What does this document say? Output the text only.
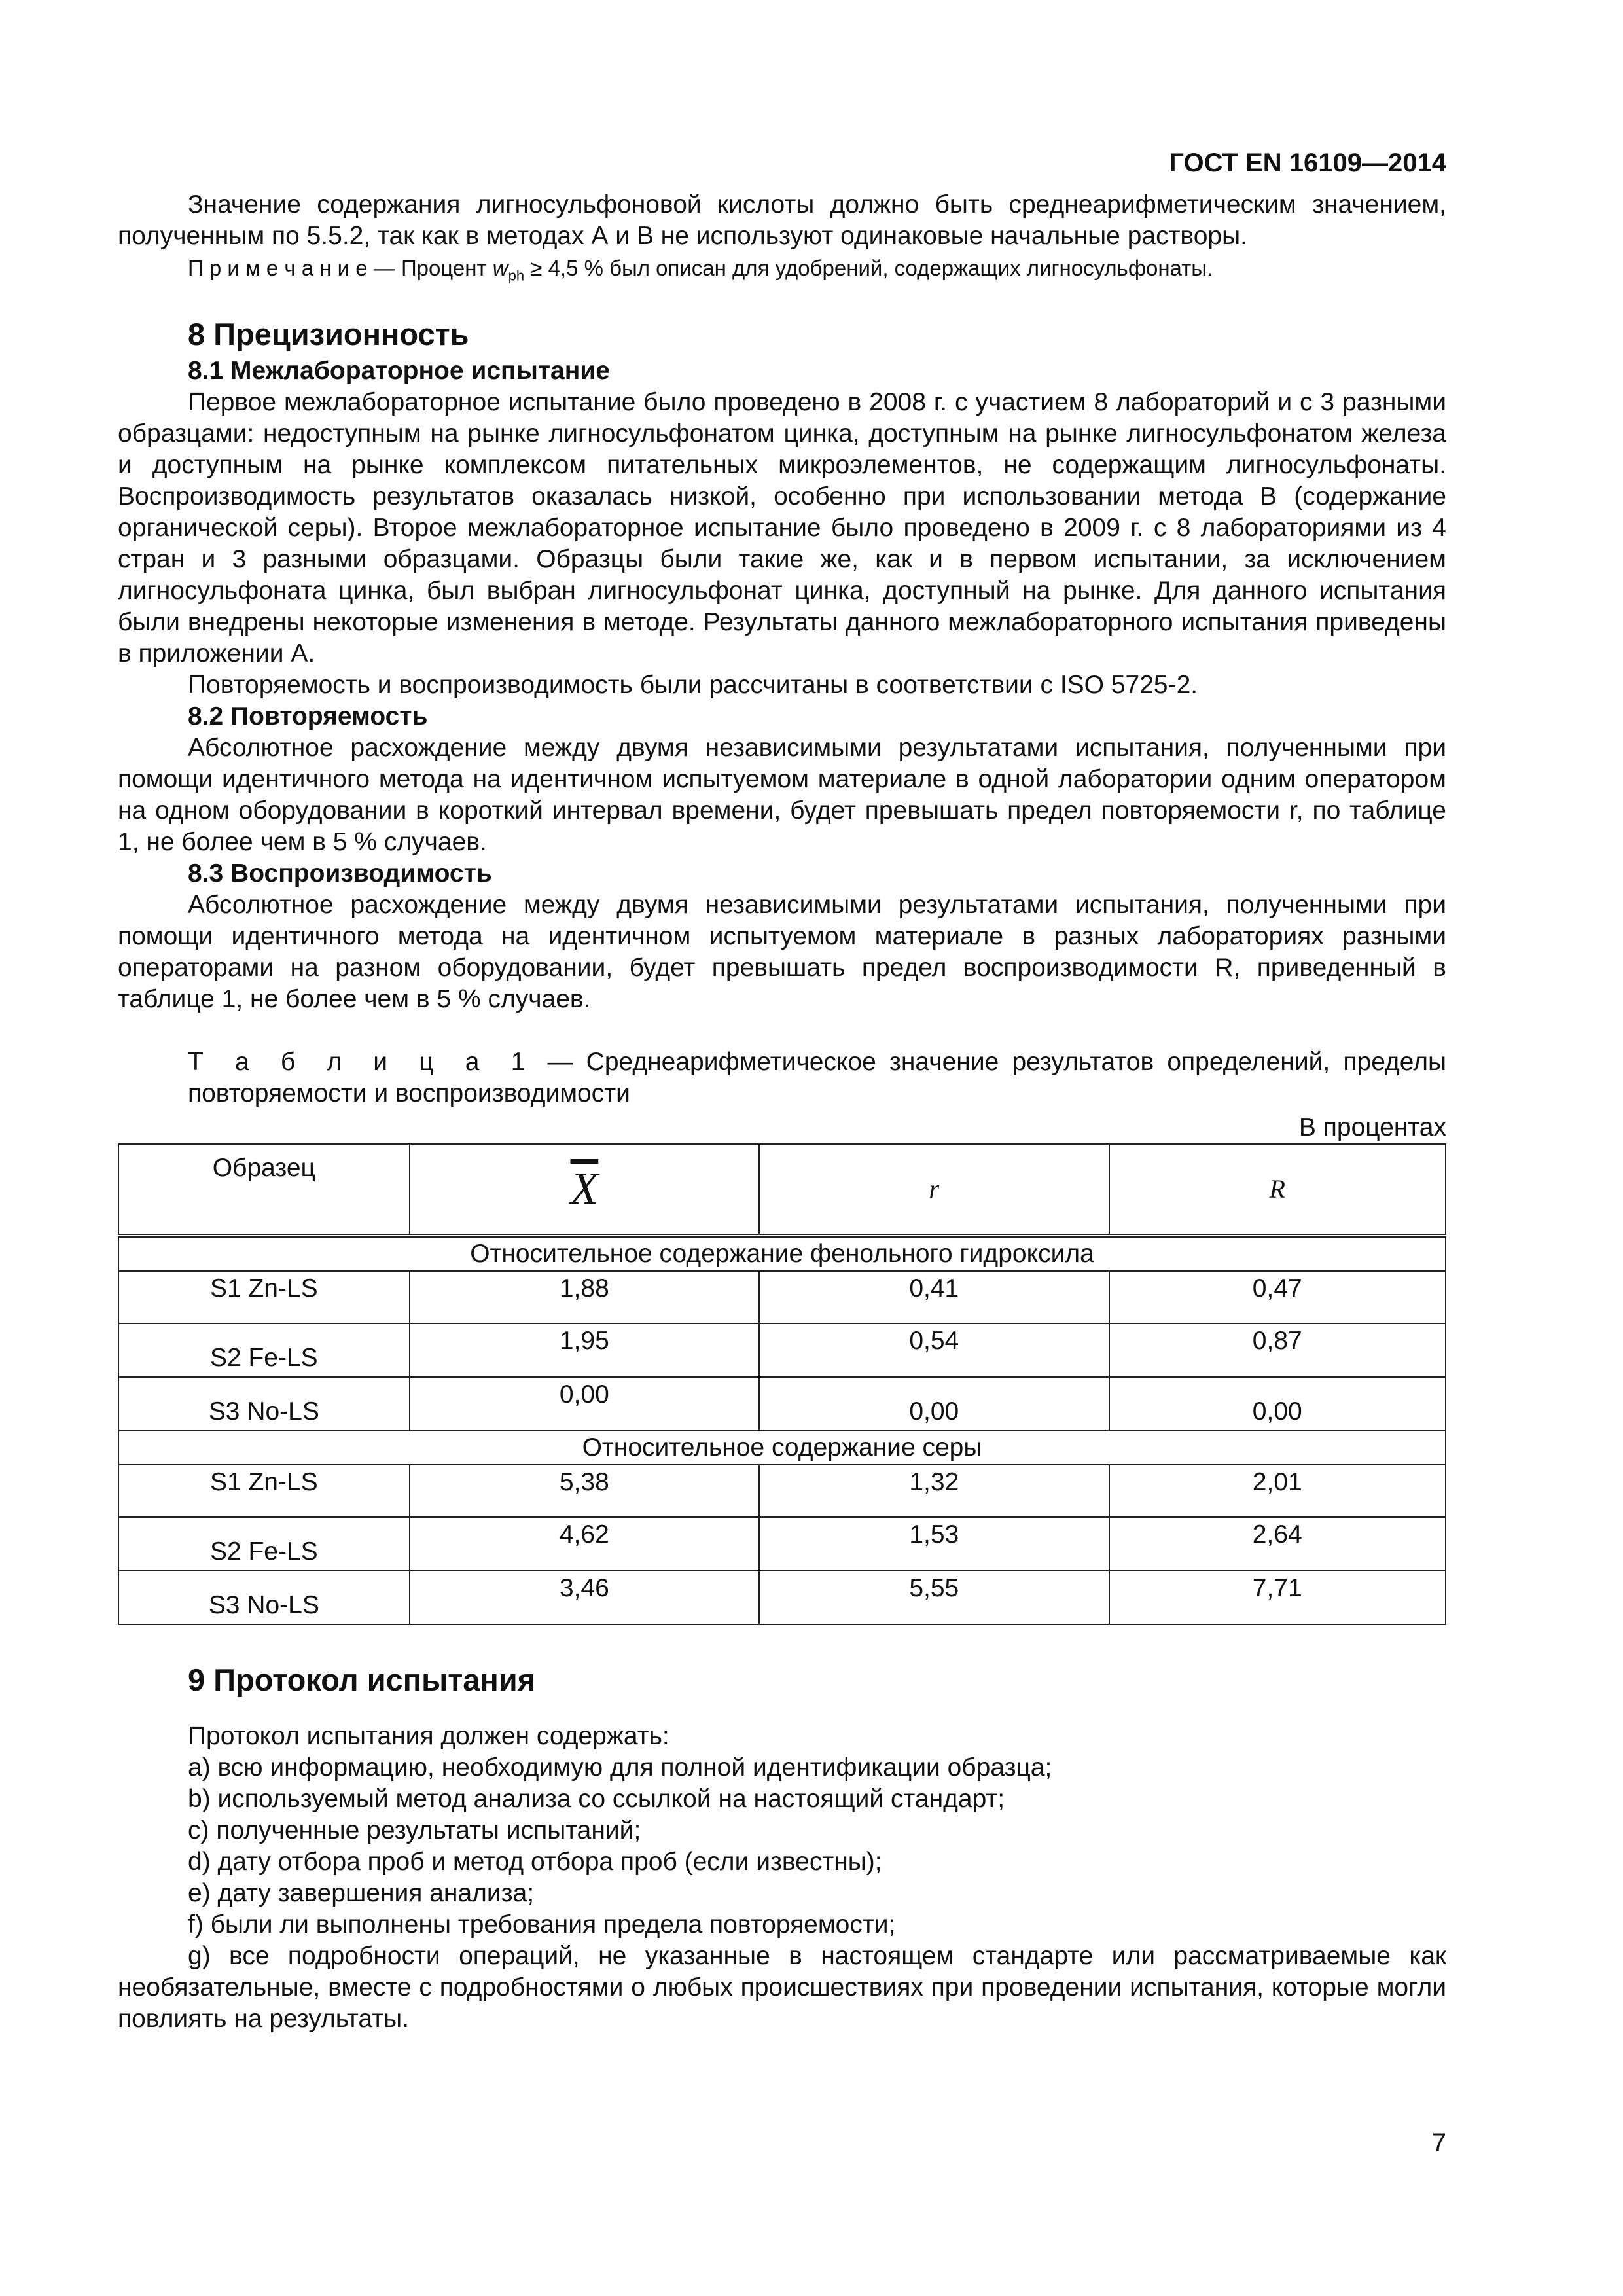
ГОСТ EN 16109—2014

Значение содержания лигносульфоновой кислоты должно быть среднеарифметическим значением, полученным по 5.5.2, так как в методах А и В не используют одинаковые начальные растворы.

П р и м е ч а н и е — Процент $w_{ph} \ge 4,5$ % был описан для удобрений, содержащих лигносульфонаты.

8 Прецизионность
8.1 Межлабораторное испытание

Первое межлабораторное испытание было проведено в 2008 г. с участием 8 лабораторий и с 3 разными образцами: недоступным на рынке лигносульфонатом цинка, доступным на рынке лигносульфонатом железа и доступным на рынке комплексом питательных микроэлементов, не содержащим лигносульфонаты. Воспроизводимость результатов оказалась низкой, особенно при использовании метода В (содержание органической серы). Второе межлабораторное испытание было проведено в 2009 г. с 8 лабораториями из 4 стран и 3 разными образцами. Образцы были такие же, как и в первом испытании, за исключением лигносульфоната цинка, был выбран лигносульфонат цинка, доступный на рынке. Для данного испытания были внедрены некоторые изменения в методе. Результаты данного межлабораторного испытания приведены в приложении А.

Повторяемость и воспроизводимость были рассчитаны в соответствии с ISO 5725-2.

8.2 Повторяемость

Абсолютное расхождение между двумя независимыми результатами испытания, полученными при помощи идентичного метода на идентичном испытуемом материале в одной лаборатории одним оператором на одном оборудовании в короткий интервал времени, будет превышать предел повторяемости r, по таблице 1, не более чем в 5 % случаев.

8.3 Воспроизводимость

Абсолютное расхождение между двумя независимыми результатами испытания, полученными при помощи идентичного метода на идентичном испытуемом материале в разных лабораториях разными операторами на разном оборудовании, будет превышать предел воспроизводимости R, приведенный в таблице 1, не более чем в 5 % случаев.

Т а б л и ц а 1 — Среднеарифметическое значение результатов определений, пределы повторяемости и воспроизводимости

В процентах
Образец	$\overline{X}$	r	R
Относительное содержание фенольного гидроксила			
S1 Zn-LS	1,88	0,41	0,47
S2 Fe-LS	1,95	0,54	0,87
S3 No-LS	0,00	0,00	0,00
Относительное содержание серы			
S1 Zn-LS	5,38	1,32	2,01
S2 Fe-LS	4,62	1,53	2,64
S3 No-LS	3,46	5,55	7,71
9 Протокол испытания

Протокол испытания должен содержать:

a) всю информацию, необходимую для полной идентификации образца;

b) используемый метод анализа со ссылкой на настоящий стандарт;

c) полученные результаты испытаний;

d) дату отбора проб и метод отбора проб (если известны);

e) дату завершения анализа;

f) были ли выполнены требования предела повторяемости;

g) все подробности операций, не указанные в настоящем стандарте или рассматриваемые как необязательные, вместе с подробностями о любых происшествиях при проведении испытания, которые могли повлиять на результаты.

7
